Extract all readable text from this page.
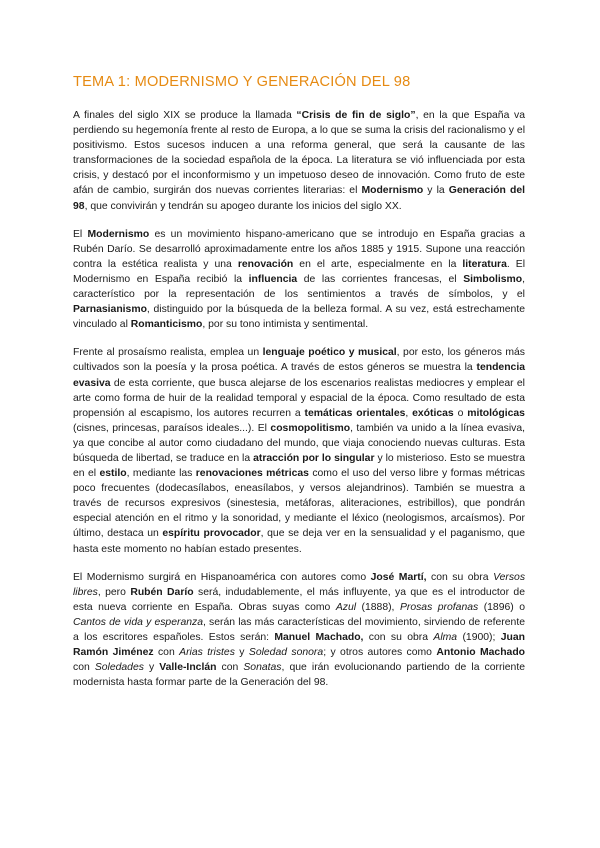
TEMA 1: MODERNISMO Y GENERACIÓN DEL 98

A finales del siglo XIX se produce la llamada “Crisis de fin de siglo”, en la que España va perdiendo su hegemonía frente al resto de Europa, a lo que se suma la crisis del racionalismo y el positivismo. Estos sucesos inducen a una reforma general, que será la causante de las transformaciones de la sociedad española de la época. La literatura se vió influenciada por esta crisis, y destacó por el inconformismo y un impetuoso deseo de innovación. Como fruto de este afán de cambio, surgirán dos nuevas corrientes literarias: el Modernismo y la Generación del 98, que convivirán y tendrán su apogeo durante los inicios del siglo XX.

El Modernismo es un movimiento hispano-americano que se introdujo en España gracias a Rubén Darío. Se desarrolló aproximadamente entre los años 1885 y 1915. Supone una reacción contra la estética realista y una renovación en el arte, especialmente en la literatura. El Modernismo en España recibió la influencia de las corrientes francesas, el Simbolismo, característico por la representación de los sentimientos a través de símbolos, y el Parnasianismo, distinguido por la búsqueda de la belleza formal. A su vez, está estrechamente vinculado al Romanticismo, por su tono intimista y sentimental.

Frente al prosaísmo realista, emplea un lenguaje poético y musical, por esto, los géneros más cultivados son la poesía y la prosa poética. A través de estos géneros se muestra la tendencia evasiva de esta corriente, que busca alejarse de los escenarios realistas mediocres y emplear el arte como forma de huir de la realidad temporal y espacial de la época. Como resultado de esta propensión al escapismo, los autores recurren a temáticas orientales, exóticas o mitológicas (cisnes, princesas, paraísos ideales...). El cosmopolitismo, también va unido a la línea evasiva, ya que concibe al autor como ciudadano del mundo, que viaja conociendo nuevas culturas. Esta búsqueda de libertad, se traduce en la atracción por lo singular y lo misterioso. Esto se muestra en el estilo, mediante las renovaciones métricas como el uso del verso libre y formas métricas poco frecuentes (dodecasílabos, eneasílabos, y versos alejandrinos). También se muestra a través de recursos expresivos (sinestesia, metáforas, aliteraciones, estribillos), que pondrán especial atención en el ritmo y la sonoridad, y mediante el léxico (neologismos, arcaísmos). Por último, destaca un espíritu provocador, que se deja ver en la sensualidad y el paganismo, que hasta este momento no habían estado presentes.

El Modernismo surgirá en Hispanoamérica con autores como José Martí, con su obra Versos libres, pero Rubén Darío será, indudablemente, el más influyente, ya que es el introductor de esta nueva corriente en España. Obras suyas como Azul (1888), Prosas profanas (1896) o Cantos de vida y esperanza, serán las más características del movimiento, sirviendo de referente a los escritores españoles. Estos serán: Manuel Machado, con su obra Alma (1900); Juan Ramón Jiménez con Arias tristes y Soledad sonora; y otros autores como Antonio Machado con Soledades y Valle-Inclán con Sonatas, que irán evolucionando partiendo de la corriente modernista hasta formar parte de la Generación del 98.
